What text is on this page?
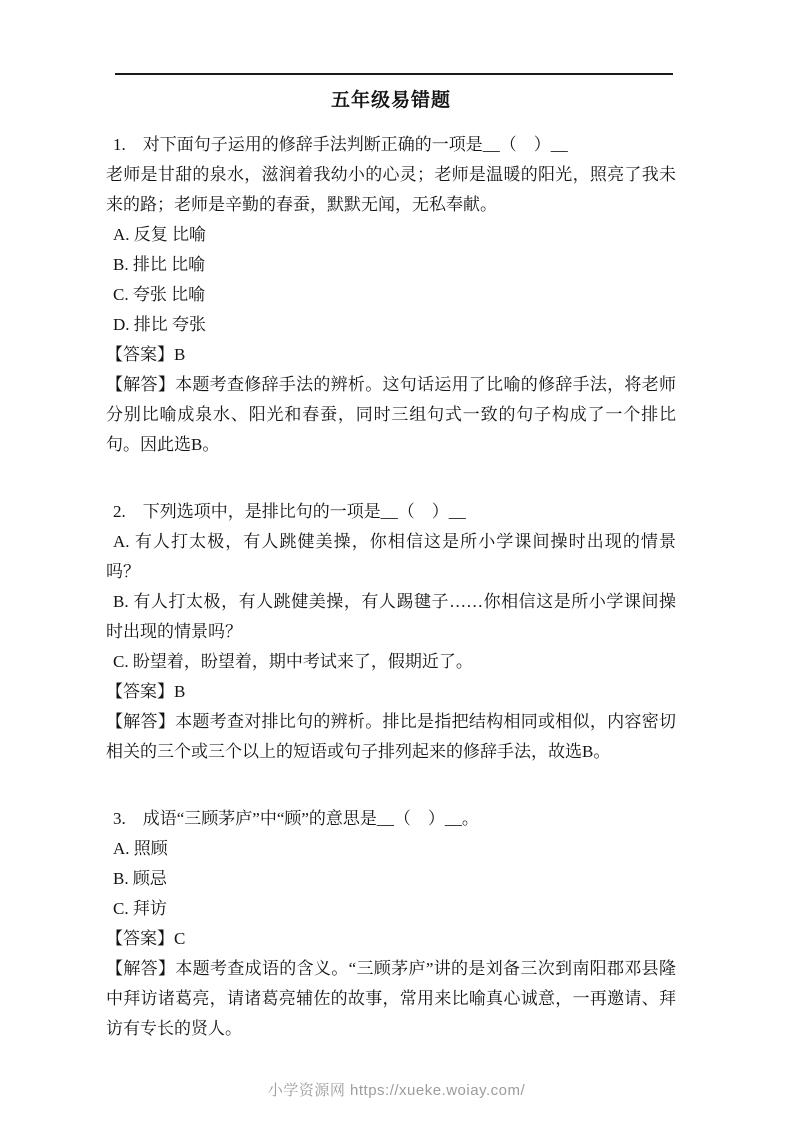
五年级易错题

1.　 对下面句子运用的修辞手法判断正确的一项是__（　）__

老师是甘甜的泉水，滋润着我幼小的心灵；老师是温暖的阳光，照亮了我未来的路；老师是辛勤的春蚕，默默无闻，无私奉献。

A. 反复 比喻

B. 排比 比喻

C. 夸张 比喻

D. 排比 夸张

【答案】B

【解答】本题考查修辞手法的辨析。这句话运用了比喻的修辞手法，将老师分别比喻成泉水、阳光和春蚕，同时三组句式一致的句子构成了一个排比句。因此选B。

2.　 下列选项中，是排比句的一项是__（　）__

A. 有人打太极，有人跳健美操，你相信这是所小学课间操时出现的情景吗？

B. 有人打太极，有人跳健美操，有人踢毽子……你相信这是所小学课间操时出现的情景吗？

C. 盼望着，盼望着，期中考试来了，假期近了。

【答案】B

【解答】本题考查对排比句的辨析。排比是指把结构相同或相似，内容密切相关的三个或三个以上的短语或句子排列起来的修辞手法，故选B。

3.　 成语“三顾茅庐”中“顾”的意思是__（　）__。

A. 照顾

B. 顾忌

C. 拜访

【答案】C

【解答】本题考查成语的含义。“三顾茅庐”讲的是刘备三次到南阳郡邓县隆中拜访诸葛亮，请诸葛亮辅佐的故事，常用来比喻真心诚意，一再邀请、拜访有专长的贤人。

小学资源网 https://xueke.woiay.com/
